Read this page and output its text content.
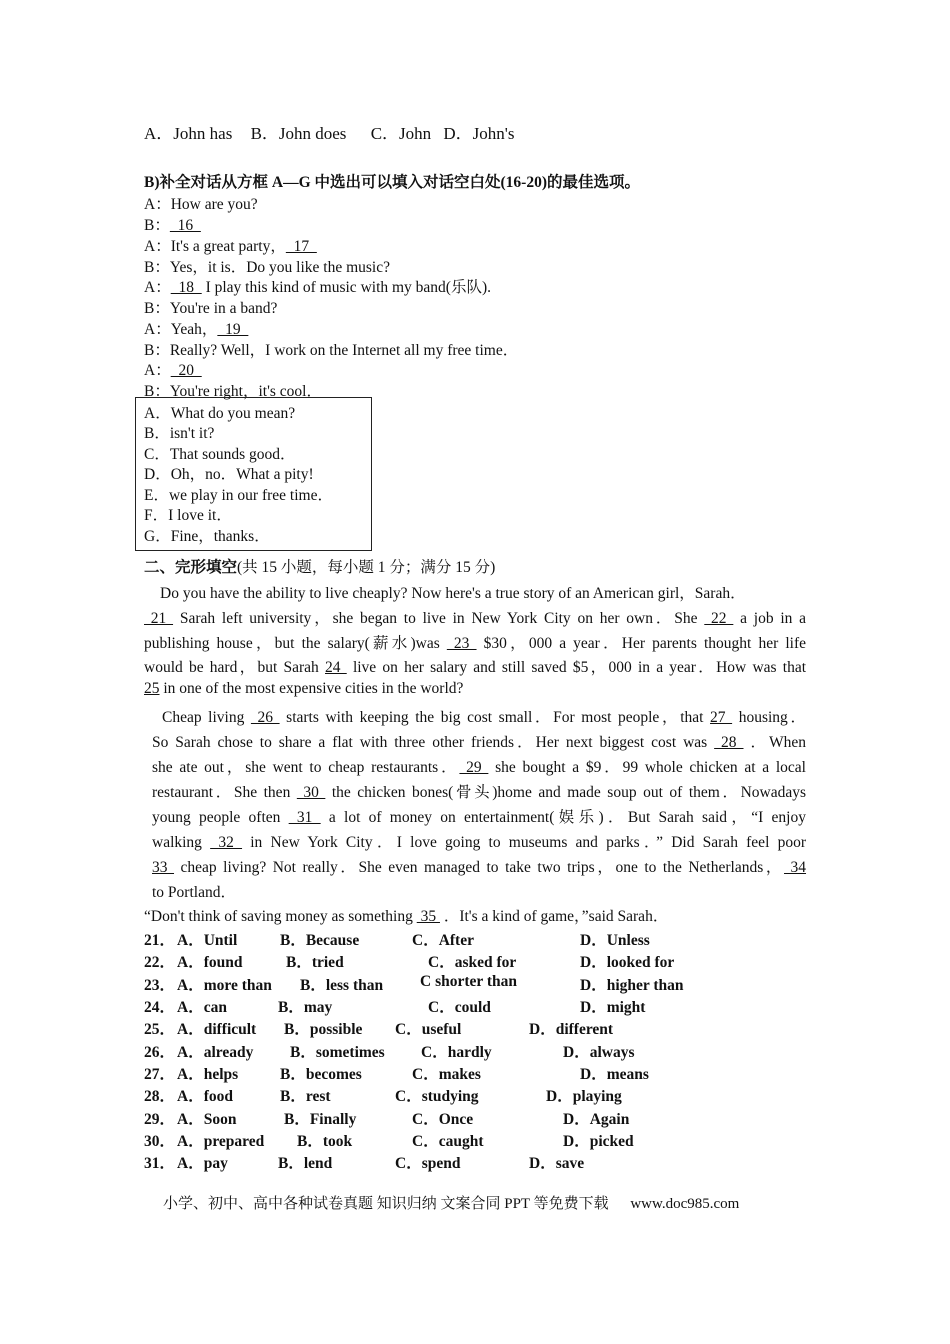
A．John has B．John does C．John D．John's
B)补全对话从方框 A—G 中选出可以填入对话空白处(16-20)的最佳选项。
A：How are you?
B：  16
A：It's a great party，  17
B：Yes，it is．Do you like the music?
A：  18   I play this kind of music with my band(乐队).
B：You're in a band?
A：Yeah，  19
B：Really? Well，I work on the Internet all my free time．
A：  20
B：You're right，it's cool．
A．What do you mean?
B．isn't it?
C．That sounds good．
D．Oh，no．What a pity!
E．we play in our free time．
F．I love it．
G．Fine，thanks．
二、完形填空(共 15 小题，每小题 1 分；满分 15 分)
Do you have the ability to live cheaply? Now here's a true story of an American girl，Sarah．
21  Sarah left university，she began to live in New York City on her own．She  22  a job in a
publishing house，but the salary(薪水)was  23  $30，000 a year．Her parents thought her life
would be hard，but Sarah 24  live on her salary and still saved $5，000 in a year．How was that
25 in one of the most expensive cities in the world?
Cheap living  26  starts with keeping the big cost small．For most people，that 27  housing．
So Sarah chose to share a flat with three other friends．Her next biggest cost was  28  ．When
she ate out，she went to cheap restaurants． 29  she bought a $9．99 whole chicken at a local
restaurant．She then  30  the chicken bones(骨头)home and made soup out of them．Nowadays
young people often  31  a lot of money on entertainment(娱乐)．But Sarah said，“I enjoy
walking  32  in New York City．I love going to museums and parks．” Did Sarah feel poor
33  cheap living? Not really．She even managed to take two trips，one to the Netherlands， 34
to Portland．
“Don't think of saving money as something  35  ．It's a kind of game，”said Sarah．
21． A．Until	B．Because	C．After	D．Unless
22． A．found	B．tried	C．asked for	D．looked for
23． A．more than B．less than C shorter than	D．higher than
24． A．can	B．may	C．could	D．might
25． A．difficult B．possible C．useful	D．different
26． A．already B．sometimes C．hardly	D．always
27． A．helps	B．becomes	C．makes	D．means
28． A．food	B．rest	C．studying	D．playing
29． A．Soon	B．Finally	C．Once	D．Again
30． A．prepared B．took	C．caught	D．picked
31． A．pay	B．lend	C．spend	D．save
小学、初中、高中各种试卷真题 知识归纳 文案合同 PPT 等免费下载 www.doc985.com
